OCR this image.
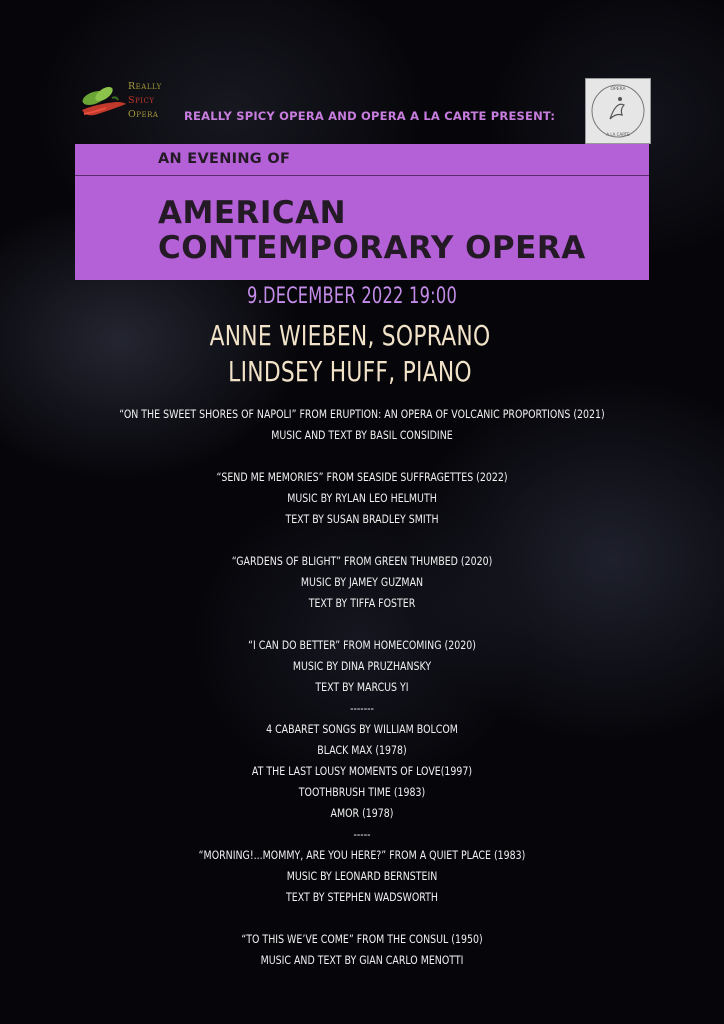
Really
Spicy
Opera	REALLY SPICY OPERA AND OPERA A LA CARTE PRESENT:
OPERA
A LA CARTE
AN EVENING OF
AMERICAN
CONTEMPORARY OPERA
9.DECEMBER 2022 19:00
ANNE WIEBEN, SOPRANO
LINDSEY HUFF, PIANO
“ON THE SWEET SHORES OF NAPOLI” FROM ERUPTION: AN OPERA OF VOLCANIC PROPORTIONS (2021)
MUSIC AND TEXT BY BASIL CONSIDINE
“SEND ME MEMORIES” FROM SEASIDE SUFFRAGETTES (2022)
MUSIC BY RYLAN LEO HELMUTH
TEXT BY SUSAN BRADLEY SMITH
“GARDENS OF BLIGHT” FROM GREEN THUMBED (2020)
MUSIC BY JAMEY GUZMAN
TEXT BY TIFFA FOSTER
“I CAN DO BETTER” FROM HOMECOMING (2020)
MUSIC BY DINA PRUZHANSKY
TEXT BY MARCUS YI
-------
4 CABARET SONGS BY WILLIAM BOLCOM
BLACK MAX (1978)
AT THE LAST LOUSY MOMENTS OF LOVE(1997)
TOOTHBRUSH TIME (1983)
AMOR (1978)
-----
“MORNING!...MOMMY, ARE YOU HERE?” FROM A QUIET PLACE (1983)
MUSIC BY LEONARD BERNSTEIN
TEXT BY STEPHEN WADSWORTH
“TO THIS WE’VE COME” FROM THE CONSUL (1950)
MUSIC AND TEXT BY GIAN CARLO MENOTTI
